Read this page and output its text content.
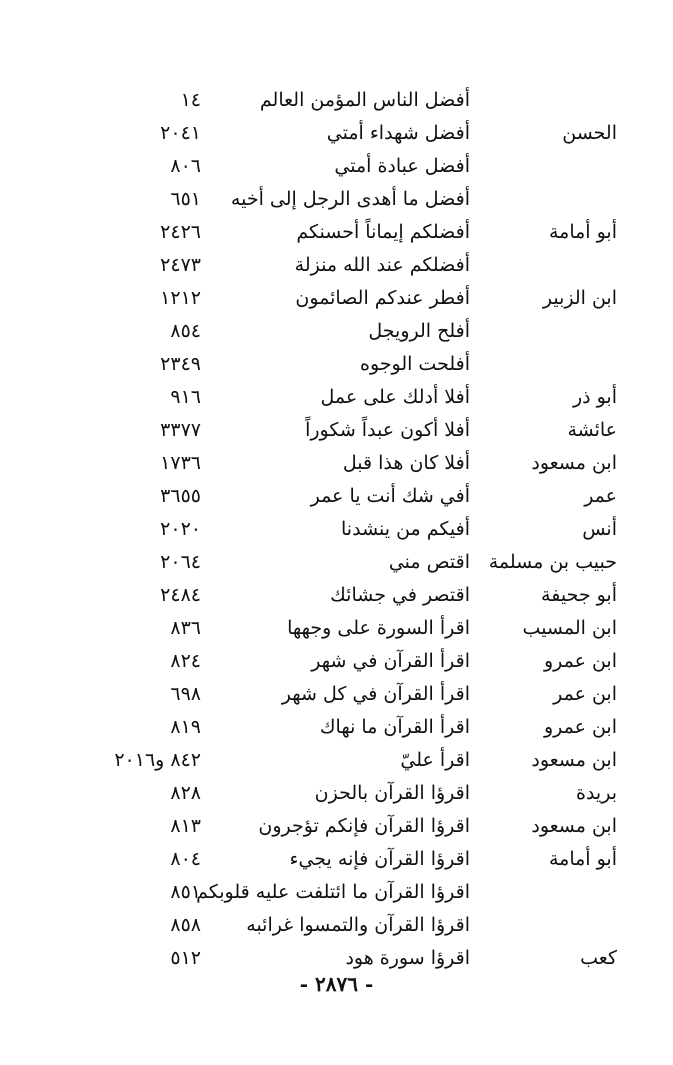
أفضل الناس المؤمن العالم
١٤
الحسن
أفضل شهداء أمتي
٢٠٤١
أفضل عبادة أمتي
٨٠٦
أفضل ما أهدى الرجل إلى أخيه
٦٥١
أبو أمامة
أفضلكم إيماناً أحسنكم
٢٤٢٦
أفضلكم عند الله منزلة
٢٤٧٣
ابن الزبير
أفطر عندكم الصائمون
١٢١٢
أفلح الرويجل
٨٥٤
أفلحت الوجوه
٢٣٤٩
أبو ذر
أفلا أدلك على عمل
٩١٦
عائشة
أفلا أكون عبداً شكوراً
٣٣٧٧
ابن مسعود
أفلا كان هذا قبل
١٧٣٦
عمر
أفي شك أنت يا عمر
٣٦٥٥
أنس
أفيكم من ينشدنا
٢٠٢٠
حبيب بن مسلمة
اقتص مني
٢٠٦٤
أبو جحيفة
اقتصر في جشائك
٢٤٨٤
ابن المسيب
اقرأ السورة على وجهها
٨٣٦
ابن عمرو
اقرأ القرآن في شهر
٨٢٤
ابن عمر
اقرأ القرآن في كل شهر
٦٩٨
ابن عمرو
اقرأ القرآن ما نهاك
٨١٩
ابن مسعود
اقرأ عليّ
٨٤٢ و٢٠١٦
بريدة
اقرؤا القرآن بالحزن
٨٢٨
ابن مسعود
اقرؤا القرآن فإنكم تؤجرون
٨١٣
أبو أمامة
اقرؤا القرآن فإنه يجيء
٨٠٤
اقرؤا القرآن ما ائتلفت عليه قلوبكم
٨٥١
اقرؤا القرآن والتمسوا غرائبه
٨٥٨
كعب
اقرؤا سورة هود
٥١٢
- ٢٨٧٦ -
